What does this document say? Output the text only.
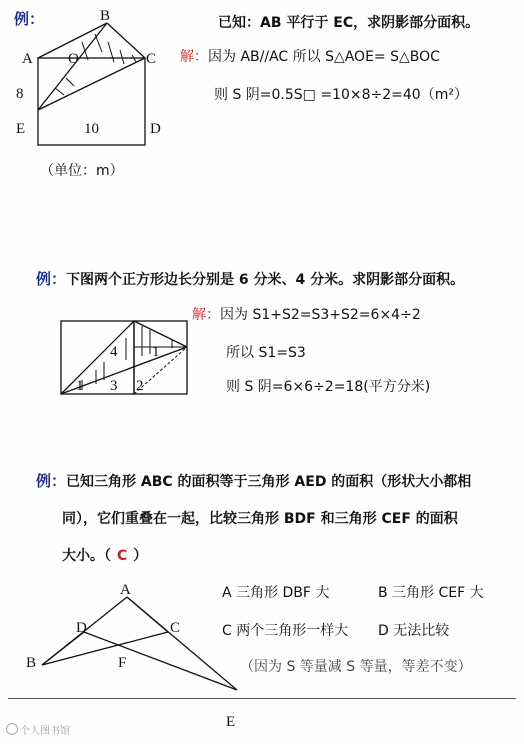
例：	B
A O	C
8
E	10	D
已知：AB 平行于 EC，求阴影部分面积。
解：因为 AB//AC 所以 S△AOE= S△BOC
则 S 阴=0.5S□ =10×8÷2=40（m²）
（单位：m）
例：下图两个正方形边长分别是 6 分米、4 分米。求阴影部分面积。
1
4 1
3 2
解：因为 S1+S2=S3+S2=6×4÷2
所以 S1=S3
则 S 阴=6×6÷2=18(平方分米)
例：已知三角形 ABC 的面积等于三角形 AED 的面积（形状大小都相
同），它们重叠在一起，比较三角形 BDF 和三角形 CEF 的面积
大小。（ C ）
A
D	C
B	F
E
A 三角形 DBF 大	B 三角形 CEF 大
C 两个三角形一样大 D 无法比较
（因为 S 等量减 S 等量，等差不变）
个人图书馆
